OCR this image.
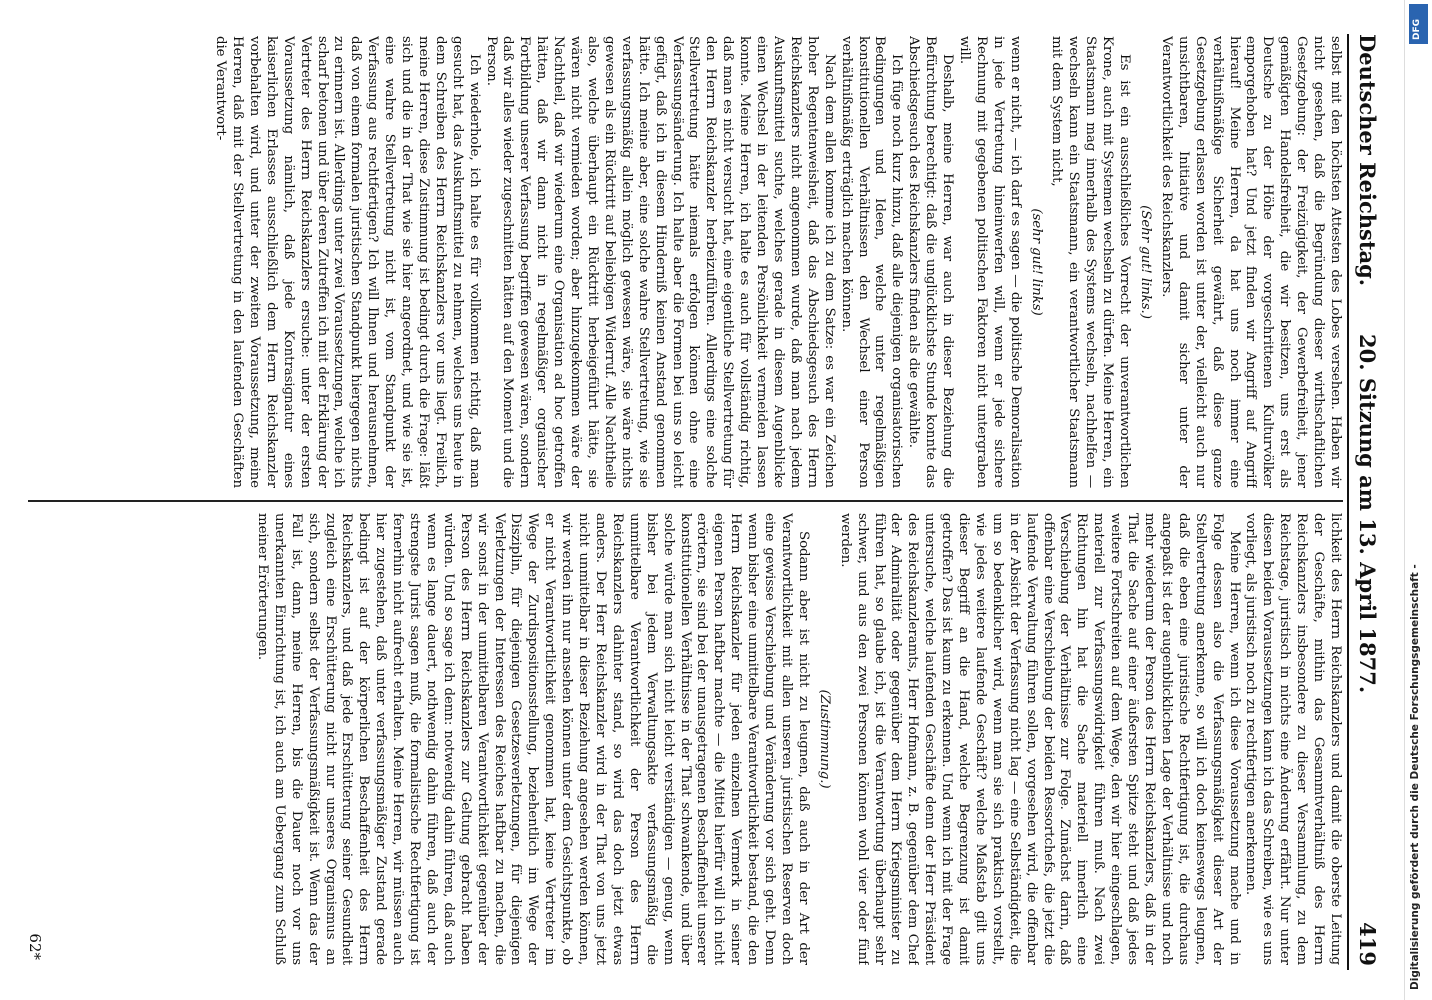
Deutscher Reichstag.
20. Sitzung am 13. April 1877.
419

selbst mit den höchsten Attesten des Lobes versehen. Haben wir nicht gesehen, daß die Begründung dieser wirthschaftlichen Gesetzgebung: der Freizügigkeit, der Gewerbefreiheit, jener gemäßigten Handelsfreiheit, die wir besitzen, uns erst als Deutsche zu der Höhe der vorgeschrittenen Kulturvölker emporgehoben hat? Und jetzt finden wir Angriff auf Angriff hierauf! Meine Herren, da hat uns noch immer eine verhältnißmäßige Sicherheit gewährt, daß diese ganze Gesetzgebung erlassen worden ist unter der, vielleicht auch nur unsichtbaren, Initiative und damit sicher unter der Verantwortlichkeit des Reichskanzlers.

(Sehr gut! links.)

Es ist ein ausschließliches Vorrecht der unverantwortlichen Krone, auch mit Systemen wechseln zu dürfen. Meine Herren, ein Staatsmann mag innerhalb des Systems wechseln, nachhelfen — wechseln kann ein Staatsmann, ein verantwortlicher Staatsmann mit dem System nicht,

(sehr gut! links)

wenn er nicht, — ich darf es sagen — die politische Demoralisation in jede Vertretung hineinwerfen will, wenn er jede sichere Rechnung mit gegebenen politischen Faktoren nicht untergraben will.

Deshalb, meine Herren, war auch in dieser Beziehung die Befürchtung berechtigt: daß die unglücklichste Stunde konnte das Abschiedsgesuch des Reichskanzlers finden als die gewählte.

Ich füge noch kurz hinzu, daß alle diejenigen organisatorischen Bedingungen und Ideen, welche unter regelmäßigen konstitutionellen Verhältnissen den Wechsel einer Person verhältnißmäßig erträglich machen können.

Nach dem allen komme ich zu dem Satze: es war ein Zeichen hoher Regentenweisheit, daß das Abschiedsgesuch des Herrn Reichskanzlers nicht angenommen wurde, daß man nach jedem Auskunftsmittel suchte, welches gerade in diesem Augenblicke einen Wechsel in der leitenden Persönlichkeit vermeiden lassen konnte. Meine Herren, ich halte es auch für vollständig richtig, daß man es nicht versucht hat, eine eigentliche Stellvertretung für den Herrn Reichskanzler herbeizuführen. Allerdings eine solche Stellvertretung hätte niemals erfolgen können ohne eine Verfassungsänderung. Ich halte aber die Formen bei uns so leicht gefügt, daß ich in diesem Hinderniß keinen Anstand genommen hätte. Ich meine aber, eine solche wahre Stellvertretung, wie sie verfassungsmäßig allein möglich gewesen wäre, sie wäre nichts gewesen als ein Rücktritt auf beliebigen Widerruf. Alle Nachtheile also, welche überhaupt ein Rücktritt herbeigeführt hätte, sie wären nicht vermieden worden; aber hinzugekommen wäre der Nachtheil, daß wir wiederum eine Organisation ad hoc getroffen hätten, daß wir dann nicht in regelmäßiger organischer Fortbildung unserer Verfassung begriffen gewesen wären, sondern daß wir alles wieder zugeschnitten hätten auf den Moment und die Person.

Ich wiederhole, ich halte es für vollkommen richtig, daß man gesucht hat, das Auskunftsmittel zu nehmen, welches uns heute in dem Schreiben des Herrn Reichskanzlers vor uns liegt. Freilich, meine Herren, diese Zustimmung ist bedingt durch die Frage: läßt sich und die in der That wie sie hier angeordnet, und wie sie ist, eine wahre Stellvertretung nicht ist, vom Standpunkt der Verfassung aus rechtfertigen? Ich will Ihnen und herausnehmen, daß von einem formalen juristischen Standpunkt hiergegen nichts zu erinnern ist. Allerdings unter zwei Voraussetzungen, welche ich scharf betonen und über deren Zutreffen ich mit der Erklärung der Vertreter des Herrn Reichskanzlers ersuche: unter der ersten Voraussetzung nämlich, daß jede Kontrasignatur eines kaiserlichen Erlasses ausschließlich dem Herrn Reichskanzler vorbehalten wird, und unter der zweiten Voraussetzung, meine Herren, daß mit der Stellvertretung in den laufenden Geschäften die Verantwort-

lichkeit des Herrn Reichskanzlers und damit die oberste Leitung der Geschäfte, mithin das Gesammtverhältniß des Herrn Reichskanzlers insbesondere zu dieser Versammlung, zu dem Reichstage, juristisch in nichts eine Änderung erfährt. Nur unter diesen beiden Voraussetzungen kann ich das Schreiben, wie es uns vorliegt, als juristisch noch zu rechtfertigen anerkennen.

Meine Herren, wenn ich diese Voraussetzung mache und in Folge dessen also die Verfassungsmäßigkeit dieser Art der Stellvertretung anerkenne, so will ich doch keineswegs leugnen, daß die eben eine juristische Rechtfertigung ist, die durchaus angepaßt ist der augenblicklichen Lage der Verhältnisse und noch mehr wiederum der Person des Herrn Reichskanzlers, daß in der That die Sache auf einer äußersten Spitze steht und daß jedes weitere Fortschreiten auf dem Wege, den wir hier eingeschlagen, materiell zur Verfassungswidrigkeit führen muß. Nach zwei Richtungen hin hat die Sache materiell innerlich eine Verschiebung der Verhältnisse zur Folge. Zunächst darin, daß offenbar eine Verschiebung der beiden Ressortchefs, die jetzt die laufende Verwaltung führen sollen, vorgesehen wird, die offenbar in der Absicht der Verfassung nicht lag — eine Selbständigkeit, die um so bedenklicher wird, wenn man sie sich praktisch vorstellt, wie jedes weitere laufende Geschäft? welche Maßstab gilt uns dieser Begriff an die Hand, welche Begrenzung ist damit getroffen? Das ist kaum zu erkennen. Und wenn ich mit der Frage untersuche, welche laufenden Geschäfte denn der Herr Präsident des Reichskanzleramts, Herr Hofmann, z. B. gegenüber dem Chef der Admiralität oder gegenüber dem Herrn Kriegsminister zu führen hat, so glaube ich, ist die Verantwortung überhaupt sehr schwer, und aus den zwei Personen können wohl vier oder fünf werden.

(Zustimmung.)

Sodann aber ist nicht zu leugnen, daß auch in der Art der Verantwortlichkeit mit allen unseren juristischen Reserven doch eine gewisse Verschiebung und Veränderung vor sich geht. Denn wenn bisher eine unmittelbare Verantwortlichkeit bestand, die den Herrn Reichskanzler für jeden einzelnen Vermerk in seiner eigenen Person haftbar machte — die Mittel hierfür will ich nicht erörtern, sie sind bei der unausgetragenen Beschaffenheit unserer konstitutionellen Verhältnisse in der That schwankende, und über solche würde man sich nicht leicht verständigen — genug, wenn bisher bei jedem Verwaltungsakte verfassungsmäßig die unmittelbare Verantwortlichkeit der Person des Herrn Reichskanzlers dahinter stand, so wird das doch jetzt etwas anders. Der Herr Reichskanzler wird in der That von uns jetzt nicht unmittelbar in dieser Beziehung angesehen werden können, wir werden ihn nur ansehen können unter dem Gesichtspunkte, ob er nicht Verantwortlichkeit genommen hat, keine Vertreter im Wege der Zurdispositionsstellung, beziehentlich im Wege der Disziplin, für diejenigen Gesetzesverletzungen, für diejenigen Verletzungen der Interessen des Reiches haftbar zu machen, die wir sonst in der unmittelbaren Verantwortlichkeit gegenüber der Person des Herrn Reichskanzlers zur Geltung gebracht haben würden. Und so sage ich denn: notwendig dahin führen, daß auch wenn es lange dauert, nothwendig dahin führen, daß auch der strengste Jurist sagen muß, die formalistische Rechtfertigung ist fernerhin nicht aufrecht erhalten. Meine Herren, wir müssen auch hier zugestehen, daß unter verfassungsmäßiger Zustand gerade bedingt ist auf der körperlichen Beschaffenheit des Herrn Reichskanzlers, und daß jede Erschütterung seiner Gesundheit zugleich eine Erschütterung nicht nur unseres Organismus an sich, sondern selbst der Verfassungsmäßigkeit ist. Wenn das der Fall ist, dann, meine Herren, bis die Dauer noch vor uns unerkannten Einrichtung ist, ich auch am Uebergang zum Schluß meiner Erörterungen.

62*	Digitalisierung gefördert durch die Deutsche Forschungsgemeinschaft -
DFG
